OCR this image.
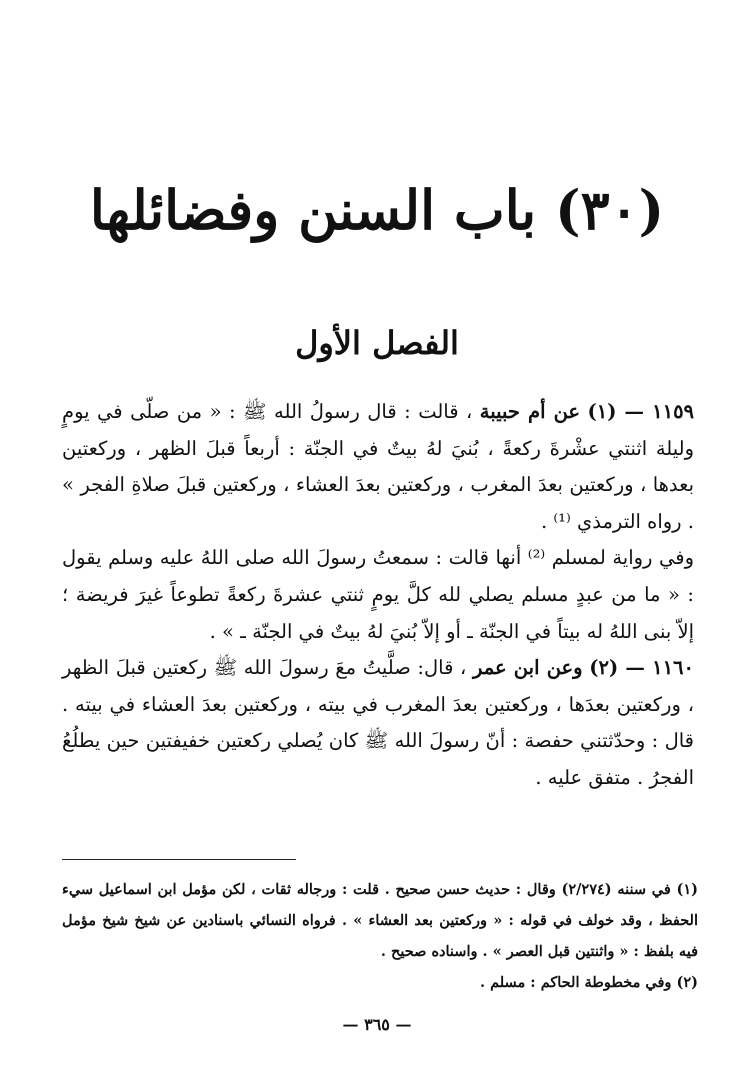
(٣٠) باب السنن وفضائلها
الفصل الأول

١١٥٩ — (١) عن أم حبيبة ، قالت : قال رسولُ الله ﷺ : « من صلّى في يومٍ وليلة اثنتي عشْرةَ ركعةً ، بُنيَ لهُ بيتٌ في الجنّة : أربعاً قبلَ الظهر ، وركعتين بعدها ، وركعتين بعدَ المغرب ، وركعتين بعدَ العشاء ، وركعتين قبلَ صلاةِ الفجر » . رواه الترمذي ⁽¹⁾ .

وفي رواية لمسلم ⁽²⁾ أنها قالت : سمعتُ رسولَ الله صلى اللهُ عليه وسلم يقول : « ما من عبدٍ مسلم يصلي لله كلَّ يومٍ ثنتي عشرةَ ركعةً تطوعاً غيرَ فريضة ؛ إلاّ بنى اللهُ له بيتاً في الجنّة ـ أو إلاّ بُنيَ لهُ بيتٌ في الجنّة ـ » .

١١٦٠ — (٢) وعن ابن عمر ، قال: صلَّيتُ معَ رسولَ الله ﷺ ركعتين قبلَ الظهر ، وركعتين بعدَها ، وركعتين بعدَ المغرب في بيته ، وركعتين بعدَ العشاء في بيته . قال : وحدّثتني حفصة : أنّ رسولَ الله ﷺ كان يُصلي ركعتين خفيفتين حين يطلُعُ الفجرُ . متفق عليه .

(١) في سننه (٢/٢٧٤) وقال : حديث حسن صحيح . قلت : ورجاله ثقات ، لكن مؤمل ابن اسماعيل سيء الحفظ ، وقد خولف في قوله : « وركعتين بعد العشاء » . فرواه النسائي باسنادين عن شيخ شيخ مؤمل فيه بلفظ : « واثنتين قبل العصر » . واسناده صحيح .

(٢) وفي مخطوطة الحاكم : مسلم .

— ٣٦٥ —
